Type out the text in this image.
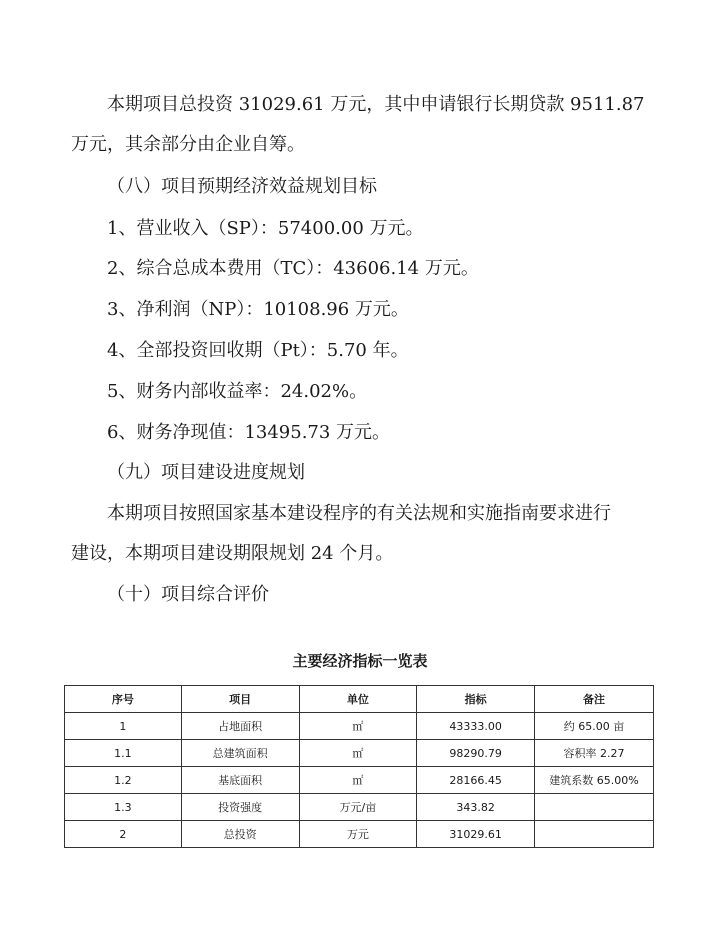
本期项目总投资 31029.61 万元，其中申请银行长期贷款 9511.87

万元，其余部分由企业自筹。

（八）项目预期经济效益规划目标

1、营业收入（SP）：57400.00 万元。

2、综合总成本费用（TC）：43606.14 万元。

3、净利润（NP）：10108.96 万元。

4、全部投资回收期（Pt）：5.70 年。

5、财务内部收益率：24.02%。

6、财务净现值：13495.73 万元。

（九）项目建设进度规划

本期项目按照国家基本建设程序的有关法规和实施指南要求进行

建设，本期项目建设期限规划 24 个月。

（十）项目综合评价

主要经济指标一览表
序号	项目	单位	指标	备注
1	占地面积	㎡	43333.00	约 65.00 亩
1.1	总建筑面积	㎡	98290.79	容积率 2.27
1.2	基底面积	㎡	28166.45	建筑系数 65.00%
1.3	投资强度	万元/亩	343.82	
2	总投资	万元	31029.61	
